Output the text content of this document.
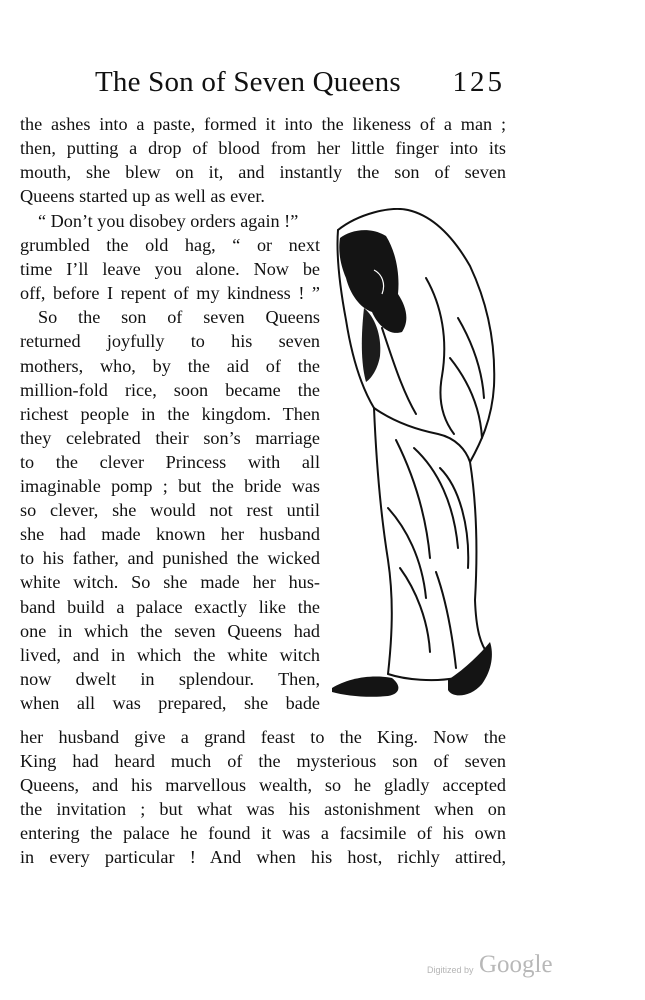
The Son of Seven Queens 125
the ashes into a paste, formed it into the likeness of a man ;
then, putting a drop of blood from her little finger into its
mouth, she blew on it, and instantly the son of seven
Queens started up as well as ever.
“ Don’t you disobey orders again !”
grumbled the old hag, “ or next
time I’ll leave you alone. Now be
off, before I repent of my kindness ! ”
So the son of seven Queens
returned joyfully to his seven
mothers, who, by the aid of the
million-fold rice, soon became the
richest people in the kingdom. Then
they celebrated their son’s marriage
to the clever Princess with all
imaginable pomp ; but the bride was
so clever, she would not rest until
she had made known her husband
to his father, and punished the wicked
white witch. So she made her hus-
band build a palace exactly like the
one in which the seven Queens had
lived, and in which the white witch
now dwelt in splendour. Then,
when all was prepared, she bade
her husband give a grand feast to the King. Now the
King had heard much of the mysterious son of seven
Queens, and his marvellous wealth, so he gladly accepted
the invitation ; but what was his astonishment when on
entering the palace he found it was a facsimile of his own
in every particular ! And when his host, richly attired,
Digitized by Google
